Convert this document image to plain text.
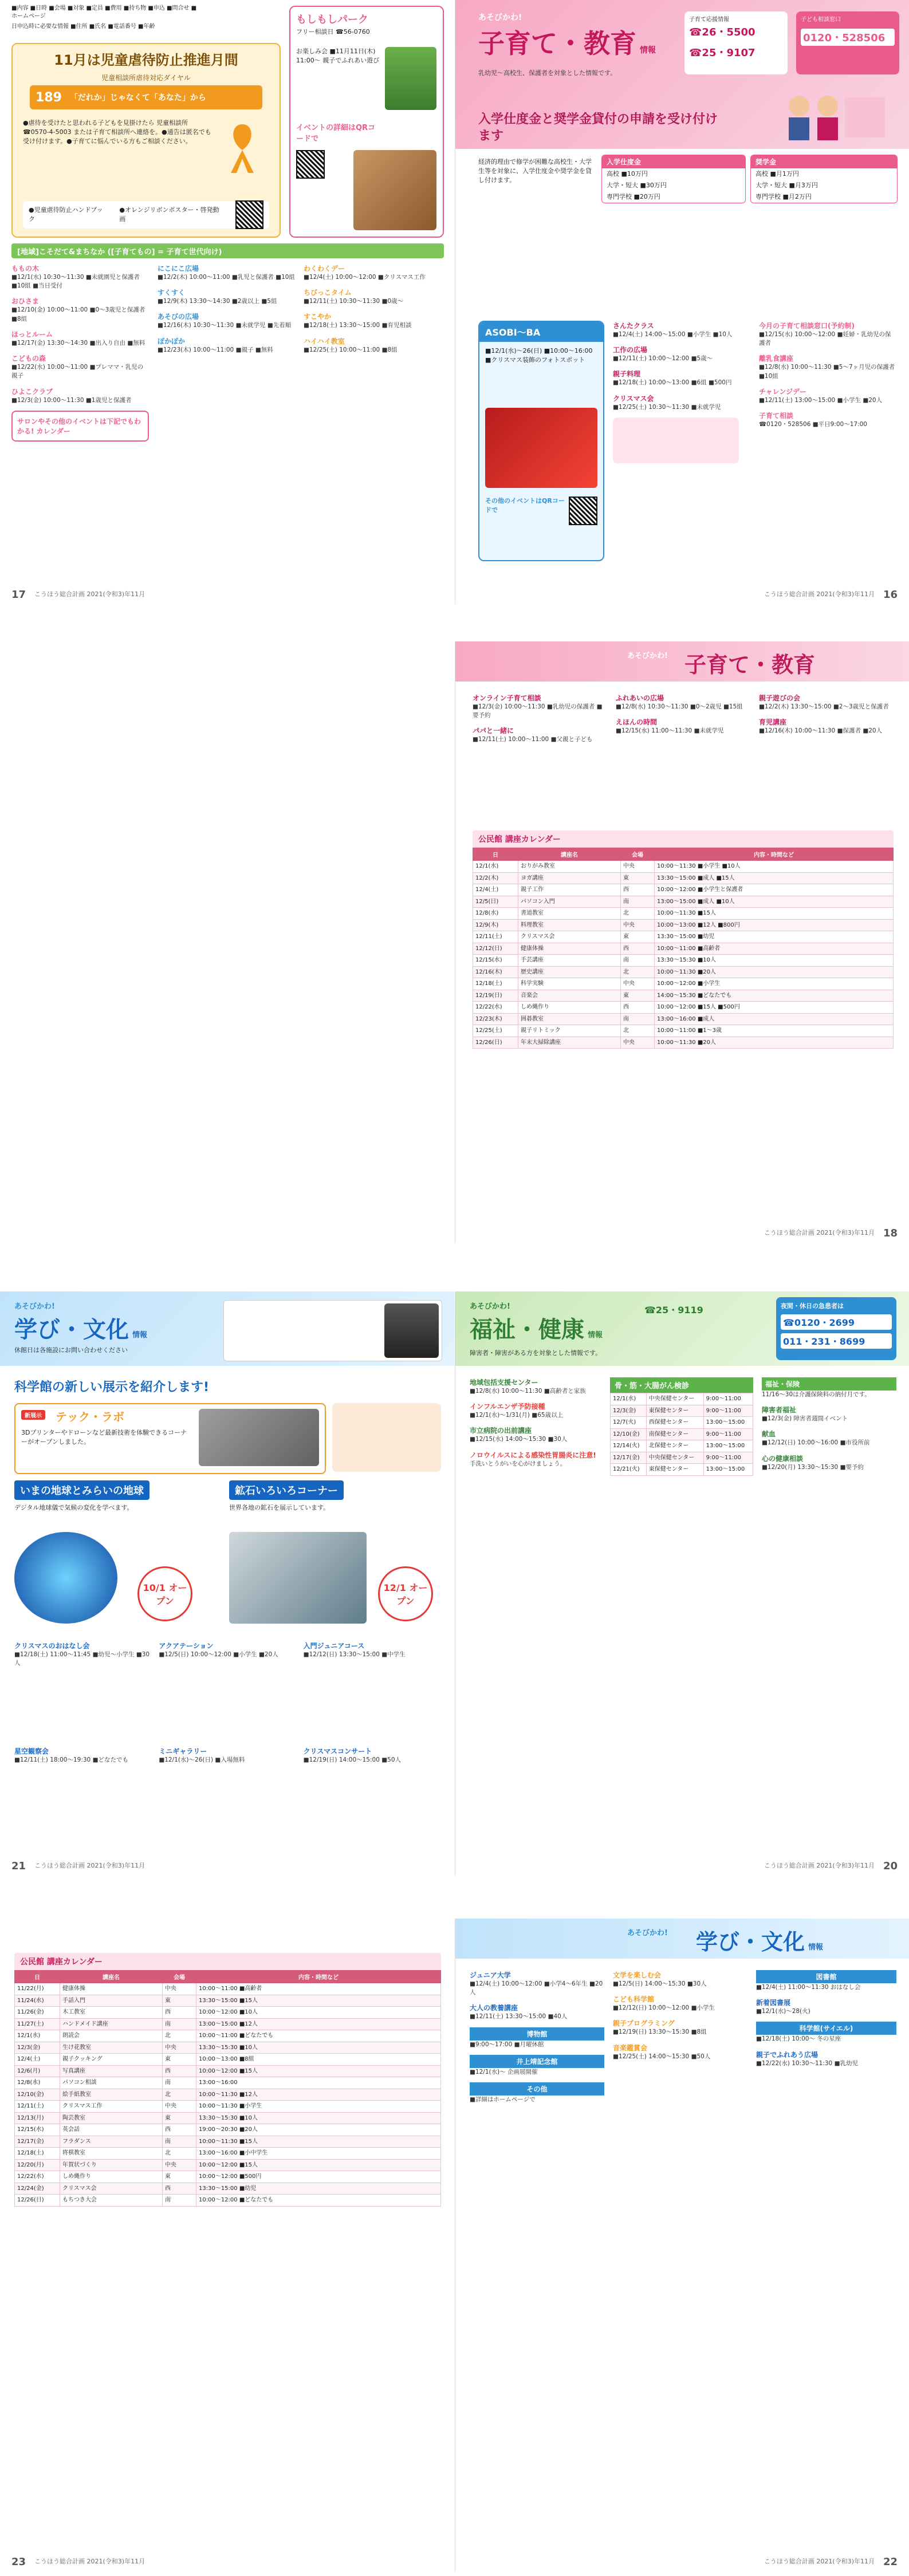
■内容 ■日時 ■会場 ■対象 ■定員 ■費用 ■持ち物 ■申込 ■問合せ ■ホームページ
日申込時に必要な情報 ■住所 ■氏名 ■電話番号 ■年齢
11月は児童虐待防止推進月間
児童相談所虐待対応ダイヤル
189 「だれか」じゃなくて「あなた」から
●虐待を受けたと思われる子どもを見掛けたら 児童相談所☎0570-4-5003 または子育て相談所へ連絡を。●通告は匿名でも受け付けます。●子育てに悩んでいる方もご相談ください。
●児童虐待防止ハンドブック
●オレンジリボンポスター・啓発動画
もしもしパーク
フリー相談日 ☎56-0760
お楽しみ会 ■11月11日(木) 11:00〜 親子でふれあい遊び
イベントの詳細はQRコードで
[地域]こそだて&まちなか ([子育てもの] = 子育て世代向け)
ももの木
■12/1(水) 10:30〜11:30 ■未就園児と保護者 ■10組 ■当日受付
おひさま
■12/10(金) 10:00〜11:00 ■0〜3歳児と保護者 ■8組
ほっとルーム
■12/17(金) 13:30〜14:30 ■出入り自由 ■無料
こどもの森
■12/22(水) 10:00〜11:00 ■プレママ・乳児の親子
ひよこクラブ
■12/3(金) 10:00〜11:30 ■1歳児と保護者
サロンやその他のイベントは下記でもわかる! カレンダー
にこにこ広場
■12/2(木) 10:00〜11:00 ■乳児と保護者 ■10組
すくすく
■12/9(木) 13:30〜14:30 ■2歳以上 ■5組
あそびの広場
■12/16(木) 10:30〜11:30 ■未就学児 ■先着順
ぽかぽか
■12/23(木) 10:00〜11:00 ■親子 ■無料
わくわくデー
■12/4(土) 10:00〜12:00 ■クリスマス工作
ちびっこタイム
■12/11(土) 10:30〜11:30 ■0歳〜
すこやか
■12/18(土) 13:30〜15:00 ■育児相談
ハイハイ教室
■12/25(土) 10:00〜11:00 ■8組
17 こうほう総合計画 2021(令和3)年11月
あそびかわ!
子育て・教育 情報
乳幼児〜高校生、保護者を対象とした情報です。
子育て応援情報
☎26・5500
☎25・9107
子ども相談窓口
0120・528506
入学仕度金と奨学金貸付の申請を受け付けます
経済的理由で修学が困難な高校生・大学生等を対象に、入学仕度金や奨学金を貸し付けます。
入学仕度金
高校 ■10万円
大学・短大 ■30万円
専門学校 ■20万円
奨学金
高校 ■月1万円
大学・短大 ■月3万円
専門学校 ■月2万円
ASOBI〜BA
■12/1(水)〜26(日) ■10:00〜16:00 ■クリスマス装飾のフォトスポット
その他のイベントはQRコードで
さんたクラス
■12/4(土) 14:00〜15:00 ■小学生 ■10人
工作の広場
■12/11(土) 10:00〜12:00 ■5歳〜
親子料理
■12/18(土) 10:00〜13:00 ■6組 ■500円
クリスマス会
■12/25(土) 10:30〜11:30 ■未就学児
今月の子育て相談窓口(予約制)
■12/15(水) 10:00〜12:00 ■妊婦・乳幼児の保護者
離乳食講座
■12/8(水) 10:00〜11:30 ■5〜7ヶ月児の保護者 ■10組
チャレンジデー
■12/11(土) 13:00〜15:00 ■小学生 ■20人
子育て相談
☎0120・528506 ■平日9:00〜17:00
こうほう総合計画 2021(令和3)年11月 16
あそびかわ! 子育て・教育
オンライン子育て相談
■12/3(金) 10:00〜11:30 ■乳幼児の保護者 ■要予約
パパと一緒に
■12/11(土) 10:00〜11:00 ■父親と子ども
ふれあいの広場
■12/8(水) 10:30〜11:30 ■0〜2歳児 ■15組
えほんの時間
■12/15(水) 11:00〜11:30 ■未就学児
親子遊びの会
■12/2(木) 13:30〜15:00 ■2〜3歳児と保護者
育児講座
■12/16(木) 10:00〜11:30 ■保護者 ■20人
公民館 講座カレンダー
日	講座名	会場	内容・時間など
12/1(水)	おりがみ教室	中央	10:00〜11:30 ■小学生 ■10人
12/2(木)	ヨガ講座	東	13:30〜15:00 ■成人 ■15人
12/4(土)	親子工作	西	10:00〜12:00 ■小学生と保護者
12/5(日)	パソコン入門	南	13:00〜15:00 ■成人 ■10人
12/8(水)	書道教室	北	10:00〜11:30 ■15人
12/9(木)	料理教室	中央	10:00〜13:00 ■12人 ■800円
12/11(土)	クリスマス会	東	13:30〜15:00 ■幼児
12/12(日)	健康体操	西	10:00〜11:00 ■高齢者
12/15(水)	手芸講座	南	13:30〜15:30 ■10人
12/16(木)	歴史講座	北	10:00〜11:30 ■20人
12/18(土)	科学実験	中央	10:00〜12:00 ■小学生
12/19(日)	音楽会	東	14:00〜15:30 ■どなたでも
12/22(水)	しめ縄作り	西	10:00〜12:00 ■15人 ■500円
12/23(木)	囲碁教室	南	13:00〜16:00 ■成人
12/25(土)	親子リトミック	北	10:00〜11:00 ■1〜3歳
12/26(日)	年末大掃除講座	中央	10:00〜11:30 ■20人
こうほう総合計画 2021(令和3)年11月 18
あそびかわ!
学び・文化 情報
休館日は各施設にお問い合わせください
科学館の新しい展示を紹介します!
新展示	テック・ラボ
3Dプリンターやドローンなど最新技術を体験できるコーナーがオープンしました。
いまの地球とみらいの地球
デジタル地球儀で気候の変化を学べます。
10/1 オープン
鉱石いろいろコーナー
世界各地の鉱石を展示しています。
12/1 オープン
クリスマスのおはなし会
■12/18(土) 11:00〜11:45 ■幼児〜小学生 ■30人
アクアテーション
■12/5(日) 10:00〜12:00 ■小学生 ■20人
入門ジュニアコース
■12/12(日) 13:30〜15:00 ■中学生
星空観察会
■12/11(土) 18:00〜19:30 ■どなたでも
ミニギャラリー
■12/1(水)〜26(日) ■入場無料
クリスマスコンサート
■12/19(日) 14:00〜15:00 ■50人
21 こうほう総合計画 2021(令和3)年11月
あそびかわ!
福祉・健康 情報
障害者・障害がある方を対象とした情報です。
☎25・9119	夜間・休日の急患者は
☎0120・2699
011・231・8699
地域包括支援センター
■12/8(水) 10:00〜11:30 ■高齢者と家族
インフルエンザ予防接種
■12/1(水)〜1/31(月) ■65歳以上
市立病院の出前講座
■12/15(水) 14:00〜15:30 ■30人
ノロウイルスによる感染性胃腸炎に注意!
手洗いとうがいを心がけましょう。
骨・筋・大腸がん検診
12/1(水)	中央保健センター	9:00〜11:00
12/3(金)	東保健センター	9:00〜11:00
12/7(火)	西保健センター	13:00〜15:00
12/10(金)	南保健センター	9:00〜11:00
12/14(火)	北保健センター	13:00〜15:00
12/17(金)	中央保健センター	9:00〜11:00
12/21(火)	東保健センター	13:00〜15:00
福祉・保険
11/16〜30は介護保険料の納付月です。
障害者福祉
■12/3(金) 障害者週間イベント
献血
■12/12(日) 10:00〜16:00 ■市役所前
心の健康相談
■12/20(月) 13:30〜15:30 ■要予約
こうほう総合計画 2021(令和3)年11月 20
公民館 講座カレンダー
日	講座名	会場	内容・時間など
11/22(月)	健康体操	中央	10:00〜11:00 ■高齢者
11/24(水)	手話入門	東	13:30〜15:00 ■15人
11/26(金)	木工教室	西	10:00〜12:00 ■10人
11/27(土)	ハンドメイド講座	南	13:00〜15:00 ■12人
12/1(水)	朗読会	北	10:00〜11:00 ■どなたでも
12/3(金)	生け花教室	中央	13:30〜15:30 ■10人
12/4(土)	親子クッキング	東	10:00〜13:00 ■8組
12/6(月)	写真講座	西	10:00〜12:00 ■15人
12/8(水)	パソコン相談	南	13:00〜16:00
12/10(金)	絵手紙教室	北	10:00〜11:30 ■12人
12/11(土)	クリスマス工作	中央	10:00〜11:30 ■小学生
12/13(月)	陶芸教室	東	13:30〜15:30 ■10人
12/15(水)	英会話	西	19:00〜20:30 ■20人
12/17(金)	フラダンス	南	10:00〜11:30 ■15人
12/18(土)	将棋教室	北	13:00〜16:00 ■小中学生
12/20(月)	年賀状づくり	中央	10:00〜12:00 ■15人
12/22(水)	しめ縄作り	東	10:00〜12:00 ■500円
12/24(金)	クリスマス会	西	13:30〜15:00 ■幼児
12/26(日)	もちつき大会	南	10:00〜12:00 ■どなたでも
23 こうほう総合計画 2021(令和3)年11月
あそびかわ! 学び・文化 情報
ジュニア大学
■12/4(土) 10:00〜12:00 ■小学4〜6年生 ■20人
大人の教養講座
■12/11(土) 13:30〜15:00 ■40人
博物館
■9:00〜17:00 ■月曜休館
井上靖記念館
■12/1(水)〜 企画展開催
その他
■詳細はホームページで
文学を楽しむ会
■12/5(日) 14:00〜15:30 ■30人
こども科学館
■12/12(日) 10:00〜12:00 ■小学生
親子プログラミング
■12/19(日) 13:30〜15:30 ■8組
音楽鑑賞会
■12/25(土) 14:00〜15:30 ■50人
図書館
■12/4(土) 11:00〜11:30 おはなし会
新着図書展
■12/1(水)〜28(火)
科学館(サイエル)
■12/18(土) 10:00〜 冬の星座
親子でふれあう広場
■12/22(水) 10:30〜11:30 ■乳幼児
こうほう総合計画 2021(令和3)年11月 22
